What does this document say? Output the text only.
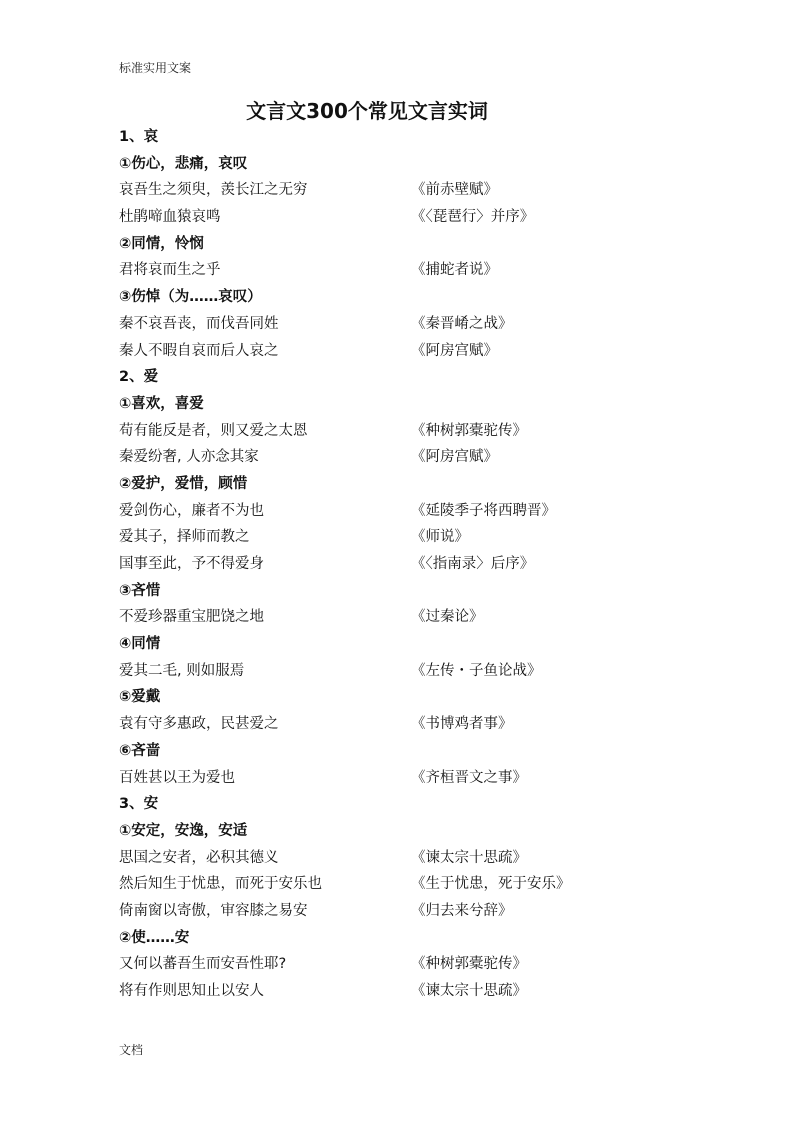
标准实用文案
文言文300个常见文言实词
1、哀
①伤心，悲痛，哀叹
哀吾生之须臾，羡长江之无穷	《前赤壁赋》
杜鹃啼血猿哀鸣	《〈琵琶行〉并序》
②同情，怜悯
君将哀而生之乎	《捕蛇者说》
③伤悼（为……哀叹）
秦不哀吾丧，而伐吾同姓	《秦晋崤之战》
秦人不暇自哀而后人哀之	《阿房宫赋》
2、爱
①喜欢，喜爱
苟有能反是者，则又爱之太恩	《种树郭橐驼传》
秦爱纷奢, 人亦念其家	《阿房宫赋》
②爱护，爱惜，顾惜
爱剑伤心，廉者不为也	《延陵季子将西聘晋》
爱其子，择师而教之	《师说》
国事至此，予不得爱身	《〈指南录〉后序》
③吝惜
不爱珍器重宝肥饶之地	《过秦论》
④同情
爱其二毛, 则如服焉	《左传・子鱼论战》
⑤爱戴
袁有守多惠政，民甚爱之	《书博鸡者事》
⑥吝啬
百姓甚以王为爱也	《齐桓晋文之事》
3、安
①安定，安逸，安适
思国之安者，必积其德义	《谏太宗十思疏》
然后知生于忧患，而死于安乐也	《生于忧患，死于安乐》
倚南窗以寄傲，审容膝之易安	《归去来兮辞》
②使……安
又何以蕃吾生而安吾性耶?	《种树郭橐驼传》
将有作则思知止以安人	《谏太宗十思疏》
文档
